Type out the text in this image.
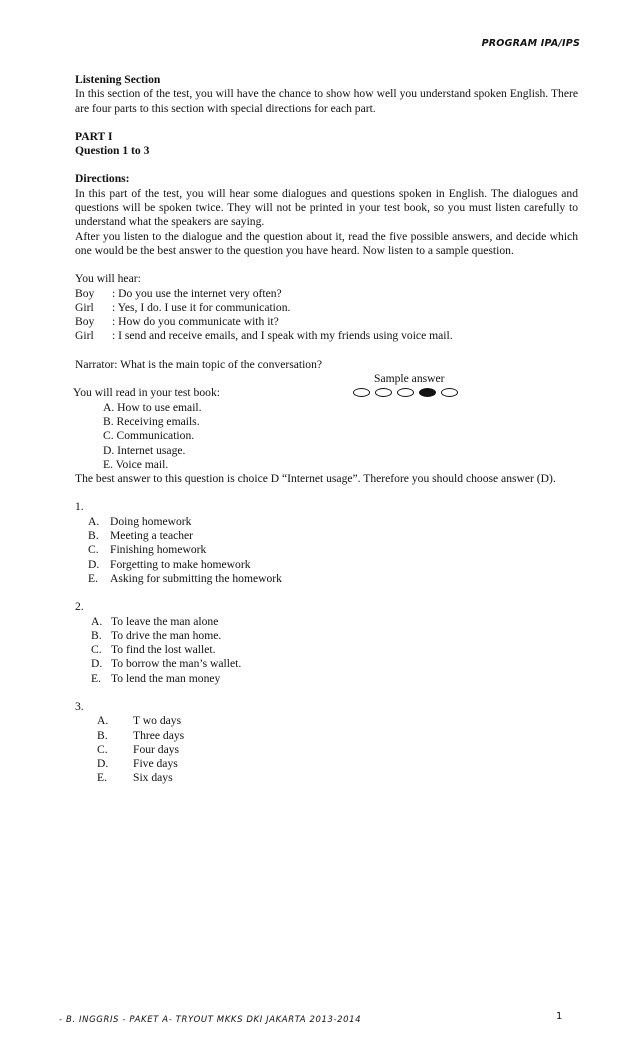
PROGRAM IPA/IPS

Listening Section

In this section of the test, you will have the chance to show how well you understand spoken English. There are four parts to this section with special directions for each part.

PART I

Question 1 to 3

Directions:

In this part of the test, you will hear some dialogues and questions spoken in English. The dialogues and questions will be spoken twice. They will not be printed in your test book, so you must listen carefully to understand what the speakers are saying.

After you listen to the dialogue and the question about it, read the five possible answers, and decide which one would be the best answer to the question you have heard. Now listen to a sample question.

You will hear:

Boy	: Do you use the internet very often?
Girl	: Yes, I do. I use it for communication.
Boy	: How do you communicate with it?
Girl	: I send and receive emails, and I speak with my friends using voice mail.

Narrator: What is the main topic of the conversation?

Sample answer
You will read in your test book:

A. How to use email.

B. Receiving emails.

C. Communication.

D. Internet usage.

E. Voice mail.

The best answer to this question is choice D “Internet usage”. Therefore you should choose answer (D).

1.

A. Doing homework
B. Meeting a teacher
C. Finishing homework
D. Forgetting to make homework
E.	Asking for submitting the homework

2.

A. To leave the man alone
B. To drive the man home.
C. To find the lost wallet.
D. To borrow the man’s wallet.
E. To lend the man money

3.

A.	T wo days
B.	Three days
C.	Four days
D.	Five days
E.	Six days
- B. INGGRIS - PAKET A- TRYOUT MKKS DKI JAKARTA 2013-2014	1
